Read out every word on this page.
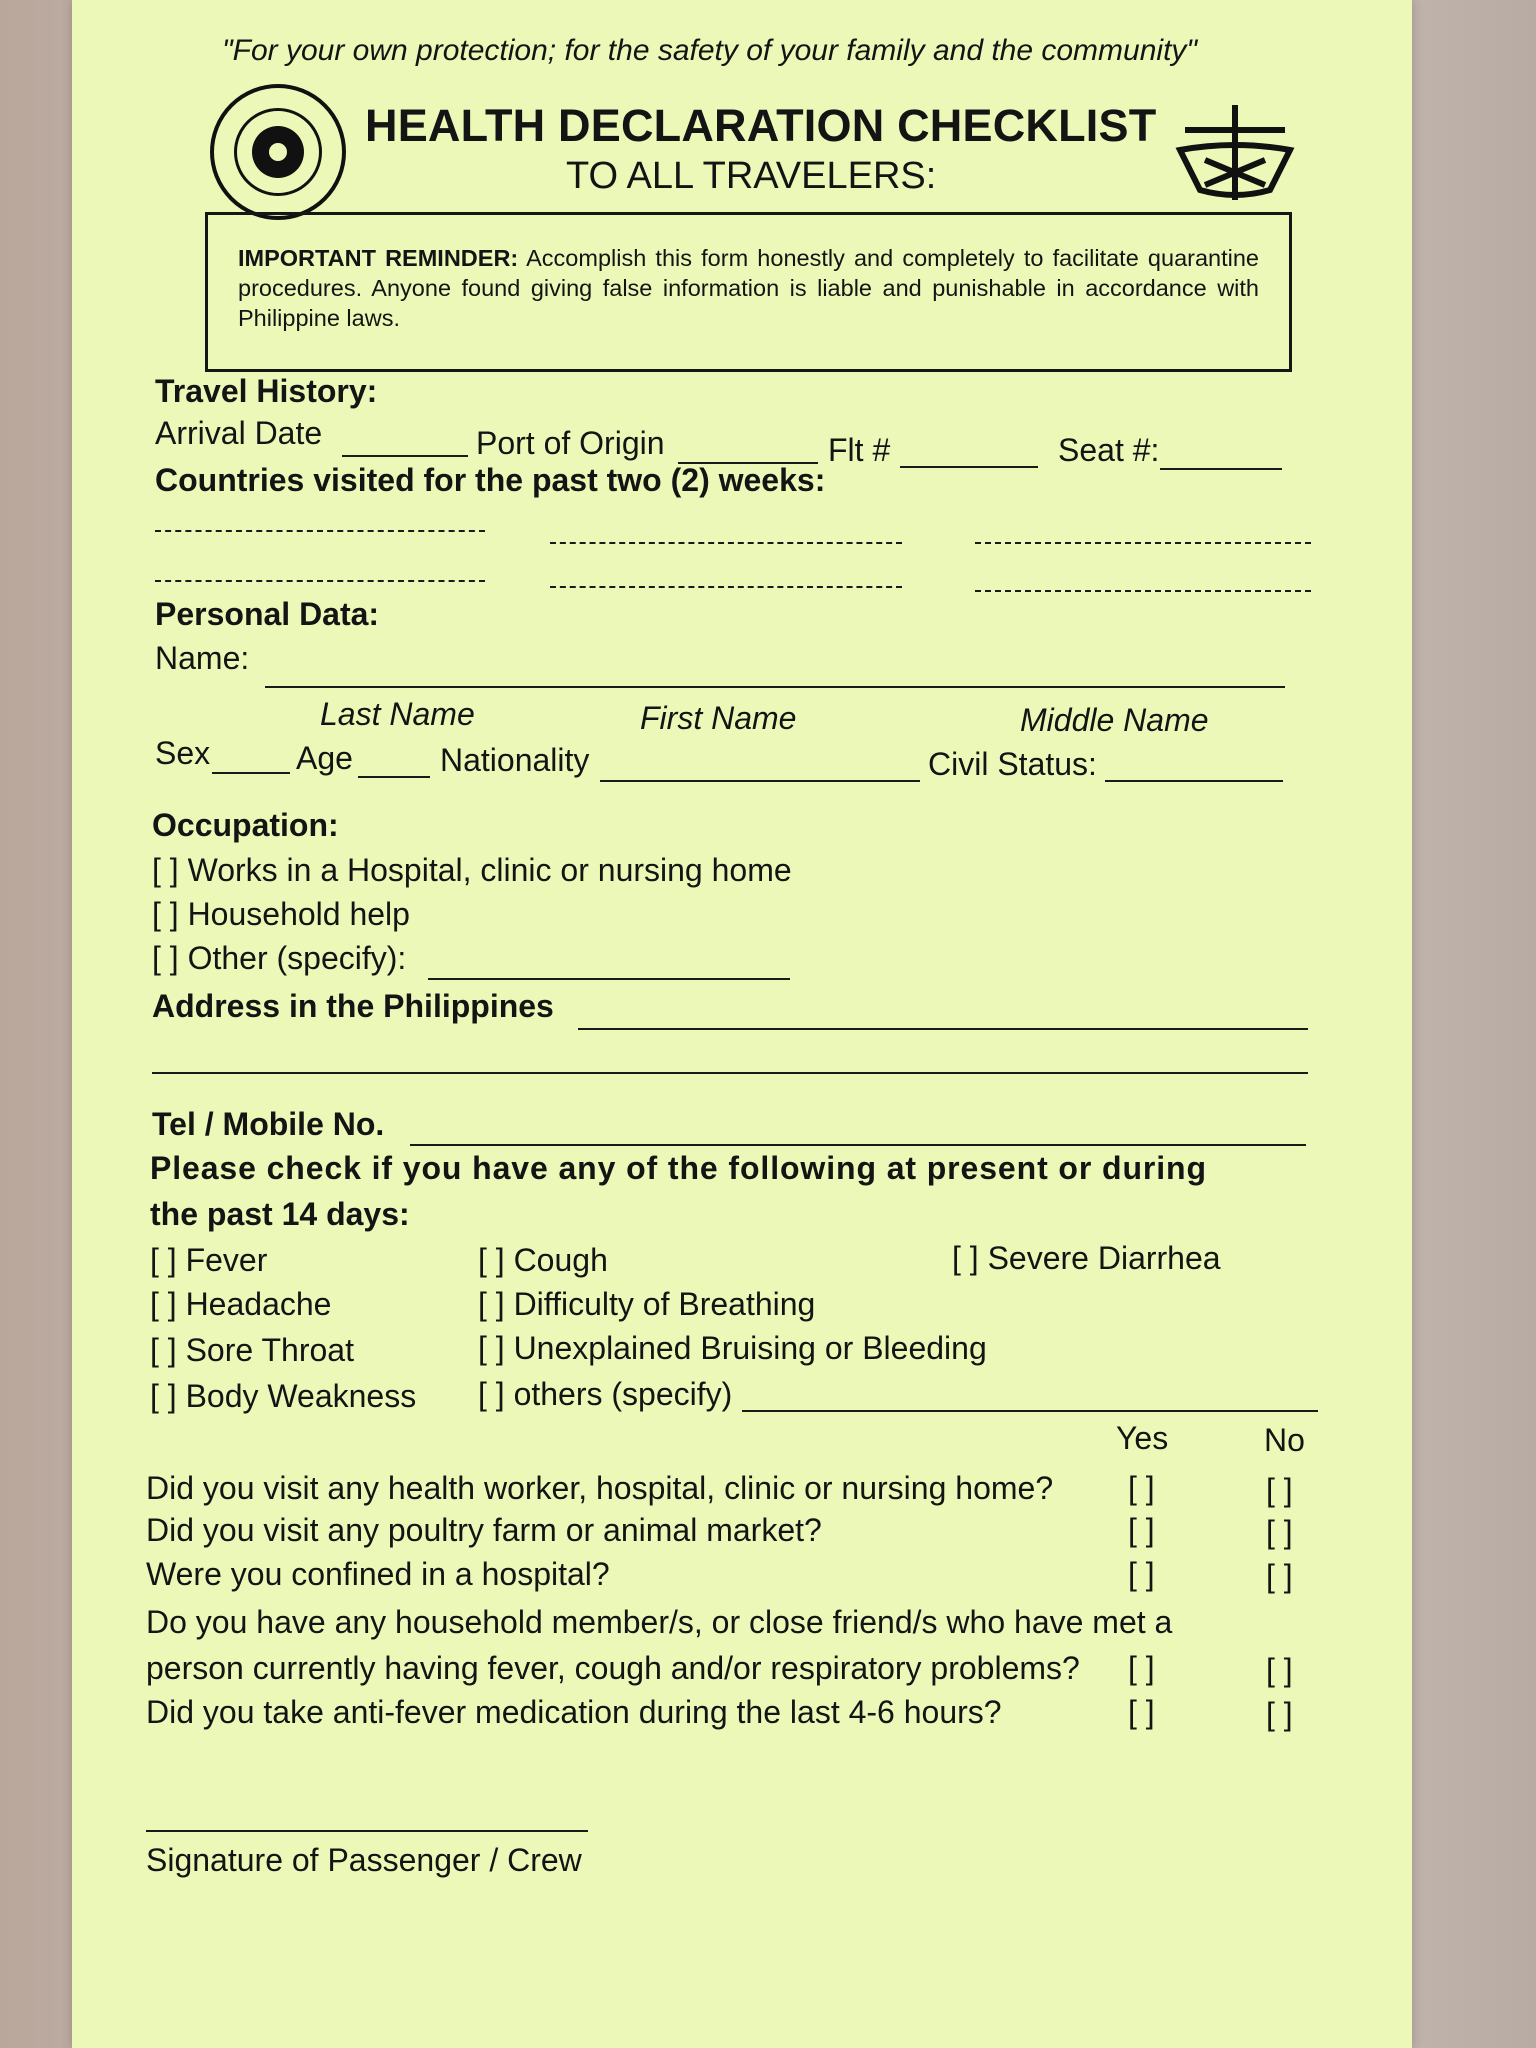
"For your own protection; for the safety of your family and the community"
HEALTH DECLARATION CHECKLIST
TO ALL TRAVELERS:
IMPORTANT REMINDER: Accomplish this form honestly and completely to facilitate quarantine procedures. Anyone found giving false information is liable and punishable in accordance with Philippine laws.
Travel History:
Arrival Date	Port of Origin	Flt #	Seat #:
Countries visited for the past two (2) weeks:
Personal Data:
Name:
Last Name	First Name	Middle Name
Sex	Age	Nationality	Civil Status:
Occupation:
[ ] Works in a Hospital, clinic or nursing home
[ ] Household help
[ ] Other (specify):
Address in the Philippines
Tel / Mobile No.
Please check if you have any of the following at present or during
the past 14 days:
[ ] Fever
[ ] Headache
[ ] Sore Throat
[ ] Body Weakness
[ ] Cough
[ ] Difficulty of Breathing
[ ] Unexplained Bruising or Bleeding
[ ] others (specify)
[ ] Severe Diarrhea
Yes	No
Did you visit any health worker, hospital, clinic or nursing home? [ ]	[ ]
Did you visit any poultry farm or animal market?	[ ]	[ ]
Were you confined in a hospital?	[ ]	[ ]
Do you have any household member/s, or close friend/s who have met a
person currently having fever, cough and/or respiratory problems? [ ]	[ ]
Did you take anti-fever medication during the last 4-6 hours?	[ ]	[ ]
Signature of Passenger / Crew
